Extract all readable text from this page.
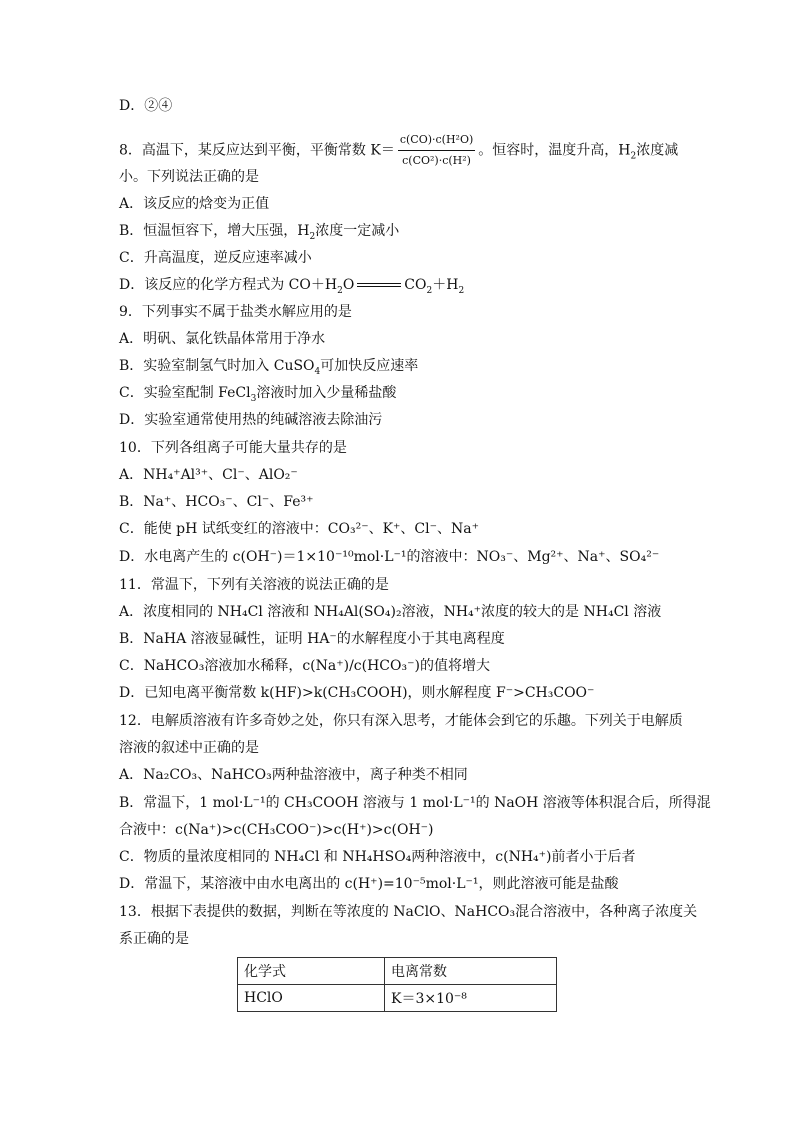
D．②④
8．高温下，某反应达到平衡，平衡常数 $K= \frac{\text{c(CO)·c(H²O)}}{\text{c(CO²)·c(H²)}}$ 。恒容时，温度升高，$H_2$浓度减
小。下列说法正确的是
A．该反应的焓变为正值
B．恒温恒容下，增大压强，$H_2$浓度一定减小
C．升高温度，逆反应速率减小
D．该反应的化学方程式为 $CO+H_2O$	$CO_2+H_2$
9．下列事实不属于盐类水解应用的是
A．明矾、氯化铁晶体常用于净水
B．实验室制氢气时加入 CuSO$_4$可加快反应速率
C．实验室配制 FeCl$_3$溶液时加入少量稀盐酸
D．实验室通常使用热的纯碱溶液去除油污
10．下列各组离子可能大量共存的是
A．NH₄⁺Al³⁺、Cl⁻、AlO₂⁻
B．Na⁺、HCO₃⁻、Cl⁻、Fe³⁺
C．能使 pH 试纸变红的溶液中：CO₃²⁻、K⁺、Cl⁻、Na⁺
D．水电离产生的 c(OH⁻)＝1×10⁻¹⁰mol·L⁻¹的溶液中：NO₃⁻、Mg²⁺、Na⁺、SO₄²⁻
11．常温下，下列有关溶液的说法正确的是
A．浓度相同的 NH₄Cl 溶液和 NH₄Al(SO₄)₂溶液，NH₄⁺浓度的较大的是 NH₄Cl 溶液
B．NaHA 溶液显碱性，证明 HA⁻的水解程度小于其电离程度
C．NaHCO₃溶液加水稀释，c(Na⁺)/c(HCO₃⁻)的值将增大
D．已知电离平衡常数 k(HF)>k(CH₃COOH)，则水解程度 F⁻>CH₃COO⁻
12．电解质溶液有许多奇妙之处，你只有深入思考，才能体会到它的乐趣。下列关于电解质
溶液的叙述中正确的是
A．Na₂CO₃、NaHCO₃两种盐溶液中，离子种类不相同
B．常温下，1 mol·L⁻¹的 CH₃COOH 溶液与 1 mol·L⁻¹的 NaOH 溶液等体积混合后，所得混
合液中：c(Na⁺)>c(CH₃COO⁻)>c(H⁺)>c(OH⁻)
C．物质的量浓度相同的 NH₄Cl 和 NH₄HSO₄两种溶液中，c(NH₄⁺)前者小于后者
D．常温下，某溶液中由水电离出的 c(H⁺)=10⁻⁵mol·L⁻¹，则此溶液可能是盐酸
13．根据下表提供的数据，判断在等浓度的 NaClO、NaHCO₃混合溶液中，各种离子浓度关
系正确的是
化学式	电离常数
HClO	K＝3×10⁻⁸
